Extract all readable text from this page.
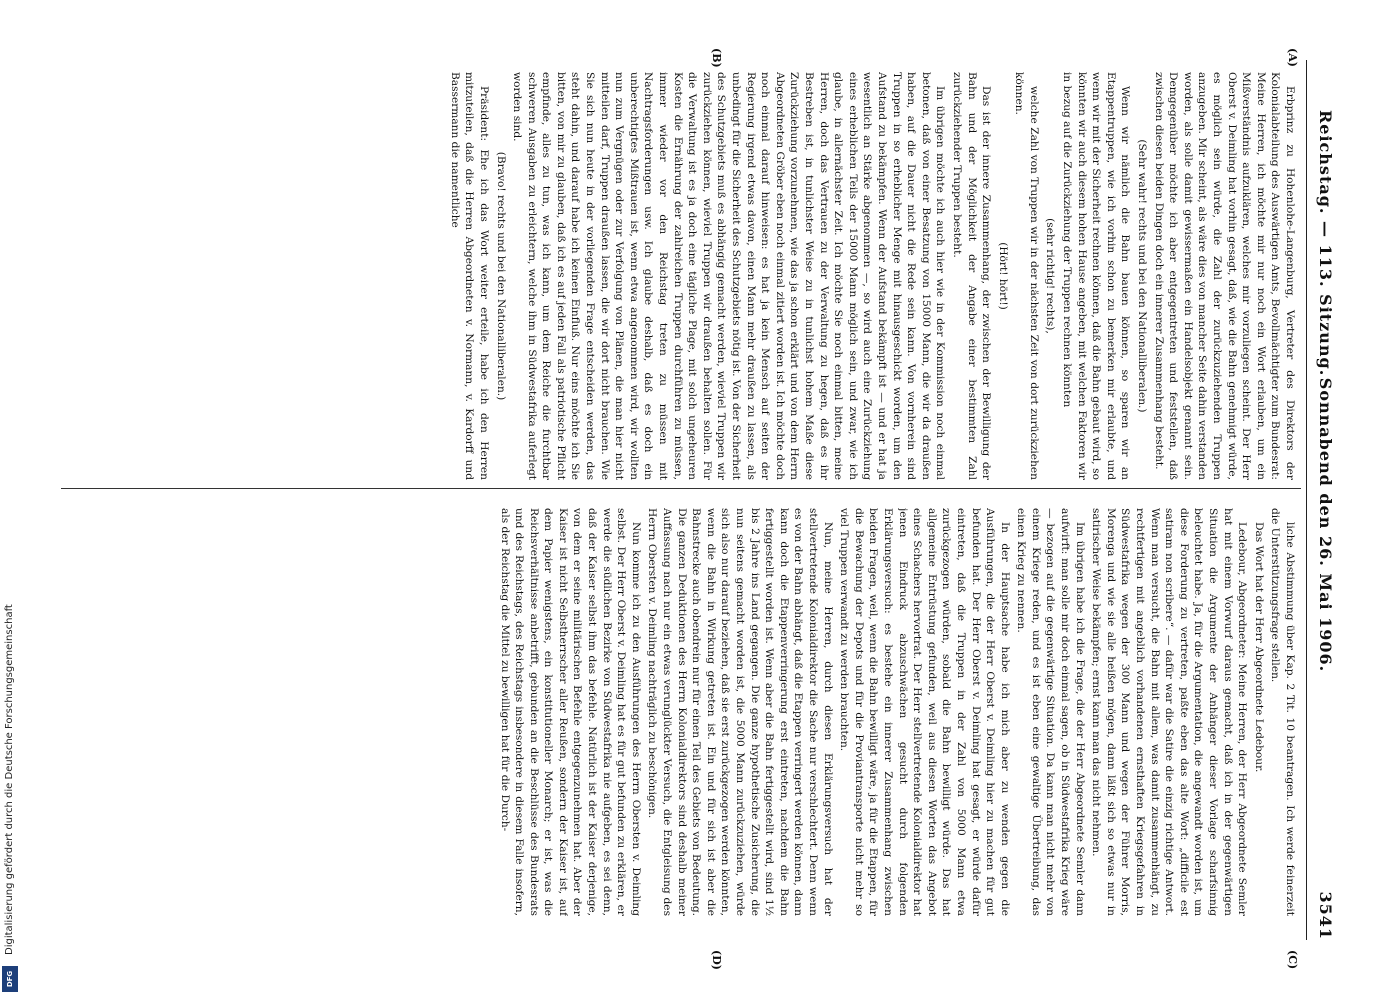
Reichstag. — 113. Sitzung.
Sonnabend den 26. Mai 1906.
3541
(A)
(B)
(C)
(D)

Erbprinz zu Hohenlohe-Langenburg, Vertreter des Direktors der Kolonialabteilung des Auswärtigen Amts, Bevollmächtigter zum Bundesrat: Meine Herren, ich möchte mir nur noch ein Wort erlauben, um ein Mißverständnis aufzuklären, welches mir vorzuliegen scheint. Der Herr Oberst v. Deimling hat vorhin gesagt, daß, wie die Bahn genehmigt würde, es möglich sein würde, die Zahl der zurückzuziehenden Truppen anzugeben. Mir scheint, als wäre dies von mancher Seite dahin verstanden worden, als solle damit gewissermaßen ein Handelsobjekt genannt sein. Demgegenüber möchte ich aber entgegentreten und feststellen, daß zwischen diesen beiden Dingen doch ein innerer Zusammenhang besteht.

(Sehr wahr! rechts und bei den Nationalliberalen.)

Wenn wir nämlich die Bahn bauen können, so sparen wir an Etappentruppen, wie ich vorhin schon zu bemerken mir erlaubte, und wenn wir mit der Sicherheit rechnen können, daß die Bahn gebaut wird, so könnten wir auch diesem hohen Hause angeben, mit welchen Faktoren wir in bezug auf die Zurückziehung der Truppen rechnen könnten

(sehr richtig! rechts),

welche Zahl von Truppen wir in der nächsten Zeit von dort zurückziehen können.

(Hört! hört!)

Das ist der innere Zusammenhang, der zwischen der Bewilligung der Bahn und der Möglichkeit der Angabe einer bestimmten Zahl zurückziehender Truppen besteht.

Im übrigen möchte ich auch hier wie in der Kommission noch einmal betonen, daß von einer Besatzung von 15000 Mann, die wir da draußen haben, auf die Dauer nicht die Rede sein kann. Von vornherein sind Truppen in so erheblicher Menge mit hinausgeschickt worden, um den Aufstand zu bekämpfen. Wenn der Aufstand bekämpft ist — und er hat ja wesentlich an Stärke abgenommen —, so wird auch eine Zurückziehung eines erheblichen Teils der 15000 Mann möglich sein, und zwar, wie ich glaube, in allernächster Zeit. Ich möchte Sie noch einmal bitten, meine Herren, doch das Vertrauen zu der Verwaltung zu hegen, daß es ihr Bestreben ist, in tunlichster Weise zu in tunlichst hohem Maße diese Zurückziehung vorzunehmen, wie das ja schon erklärt und von dem Herrn Abgeordneten Gröber eben noch einmal zitiert worden ist. Ich möchte doch noch einmal darauf hinweisen: es hat ja kein Mensch auf seiten der Regierung irgend etwas davon, einen Mann mehr draußen zu lassen, als unbedingt für die Sicherheit des Schutzgebiets nötig ist. Von der Sicherheit des Schutzgebiets muß es abhängig gemacht werden, wieviel Truppen wir zurückziehen können, wieviel Truppen wir draußen behalten sollen. Für die Verwaltung ist es ja doch eine tägliche Plage, mit solch ungeheuren Kosten die Ernährung der zahlreichen Truppen durchführen zu müssen, immer wieder vor den Reichstag treten zu müssen mit Nachtragsforderungen usw. Ich glaube deshalb, daß es doch ein unberechtigtes Mißtrauen ist, wenn etwa angenommen wird, wir wollten nun zum Vergnügen oder zur Verfolgung von Plänen, die man hier nicht mitteilen darf, Truppen draußen lassen, die wir dort nicht brauchen. Wie Sie sich nun heute in der vorliegenden Frage entscheiden werden, das steht dahin, und darauf habe ich keinen Einfluß. Nur eins möchte ich Sie bitten, von mir zu glauben, daß ich es auf jeden Fall als patriotische Pflicht empfinde, alles zu tun, was ich kann, um dem Reiche die furchtbar schweren Ausgaben zu erleichtern, welche ihm in Südwestafrika auferlegt worden sind.

(Bravo! rechts und bei den Nationalliberalen.)

Präsident: Ehe ich das Wort weiter erteile, habe ich den Herren mitzuteilen, daß die Herren Abgeordneten v. Normann, v. Kardorff und Bassermann die namentliche

liche Abstimmung über Kap. 2 Tit. 10 beantragen. Ich werde feinerzeit die Unterstützungsfrage stellen.

Das Wort hat der Herr Abgeordnete Ledebour.

Ledebour, Abgeordneter: Meine Herren, der Herr Abgeordnete Semler hat mit einem Vorwurf daraus gemacht, daß ich in der gegenwärtigen Situation die Argumente der Anhänger dieser Vorlage scharfsinnig beleuchtet habe. Ja, für die Argumentation, die angewandt worden ist, um diese Forderung zu vertreten, paßte eben das alte Wort: „difficile est satiram non scribere“. — dafür war die Satire die einzig richtige Antwort. Wenn man versucht, die Bahn mit allem, was damit zusammenhängt, zu rechtfertigen mit angeblich vorhandenen ernsthaften Kriegsgefahren in Südwestafrika wegen der 300 Mann und wegen der Führer Morris, Morenga und wie sie alle heißen mögen, dann läßt sich so etwas nur in satirischer Weise bekämpfen; ernst kann man das nicht nehmen.

Im übrigen habe ich die Frage, die der Herr Abgeordnete Semler dann aufwirft: man solle mir doch einmal sagen, ob in Südwestafrika Krieg wäre — bezogen auf die gegenwärtige Situation. Da kann man nicht mehr von einem Kriege reden, und es ist eben eine gewaltige Übertreibung, das einen Krieg zu nennen.

In der Hauptsache habe ich mich aber zu wenden gegen die Ausführungen, die der Herr Oberst v. Deimling hier zu machen für gut befunden hat. Der Herr Oberst v. Deimling hat gesagt, er würde dafür eintreten, daß die Truppen in der Zahl von 5000 Mann etwa zurückgezogen würden, sobald die Bahn bewilligt würde. Das hat allgemeine Entrüstung gefunden, weil aus diesen Worten das Angebot eines Schachers hervortrat. Der Herr stellvertretende Kolonialdirektor hat jenen Eindruck abzuschwächen gesucht durch folgenden Erklärungsversuch: es bestehe ein innerer Zusammenhang zwischen beiden Fragen, weil, wenn die Bahn bewilligt wäre, ja für die Etappen, für die Bewachung der Depots und für die Proviantransporte nicht mehr so viel Truppen verwandt zu werden brauchten.

Nun, meine Herren, durch diesen Erklärungsversuch hat der stellvertretende Kolonialdirektor die Sache nur verschlechtert. Denn wenn es von der Bahn abhängt, daß die Etappen verringert werden können, dann kann doch die Etappenverringerung erst eintreten, nachdem die Bahn fertiggestellt worden ist. Wenn aber die Bahn fertiggestellt wird, sind 1½ bis 2 Jahre ins Land gegangen. Die ganze hypothetische Zusicherung, die nun seitens gemacht worden ist, die 5000 Mann zurückzuziehen, würde sich also nur darauf beziehen, daß sie erst zurückgezogen werden könnten, wenn die Bahn in Wirkung getreten ist. Ein und für sich ist aber die Bahnstrecke auch obendrein nur für einen Teil des Gebiets von Bedeutung. Die ganzen Deduktionen des Herrn Kolonialdirektors sind deshalb meiner Auffassung nach nur ein etwas verunglückter Versuch, die Entgleisung des Herrn Obersten v. Deimling nachträglich zu beschönigen.

Nun komme ich zu den Ausführungen des Herrn Obersten v. Deimling selbst. Der Herr Oberst v. Deimling hat es für gut befunden zu erklären, er werde die südlichen Bezirke von Südwestafrika nie aufgeben, es sei denn, daß der Kaiser selbst ihm das befehle. Natürlich ist der Kaiser derjenige, von dem er seine militärischen Befehle entgegenzunehmen hat. Aber der Kaiser ist nicht Selbstherrscher aller Reußen, sondern der Kaiser ist, auf dem Papier wenigstens, ein konstitutioneller Monarch; er ist, was die Reichsverhältnisse anbetrifft, gebunden an die Beschlüsse des Bundesrats und des Reichstags, des Reichstags insbesondere in diesem Falle insofern, als der Reichstag die Mittel zu bewilligen hat für die Durch-

Digitalisierung gefördert durch die Deutsche Forschungsgemeinschaft
DFG
